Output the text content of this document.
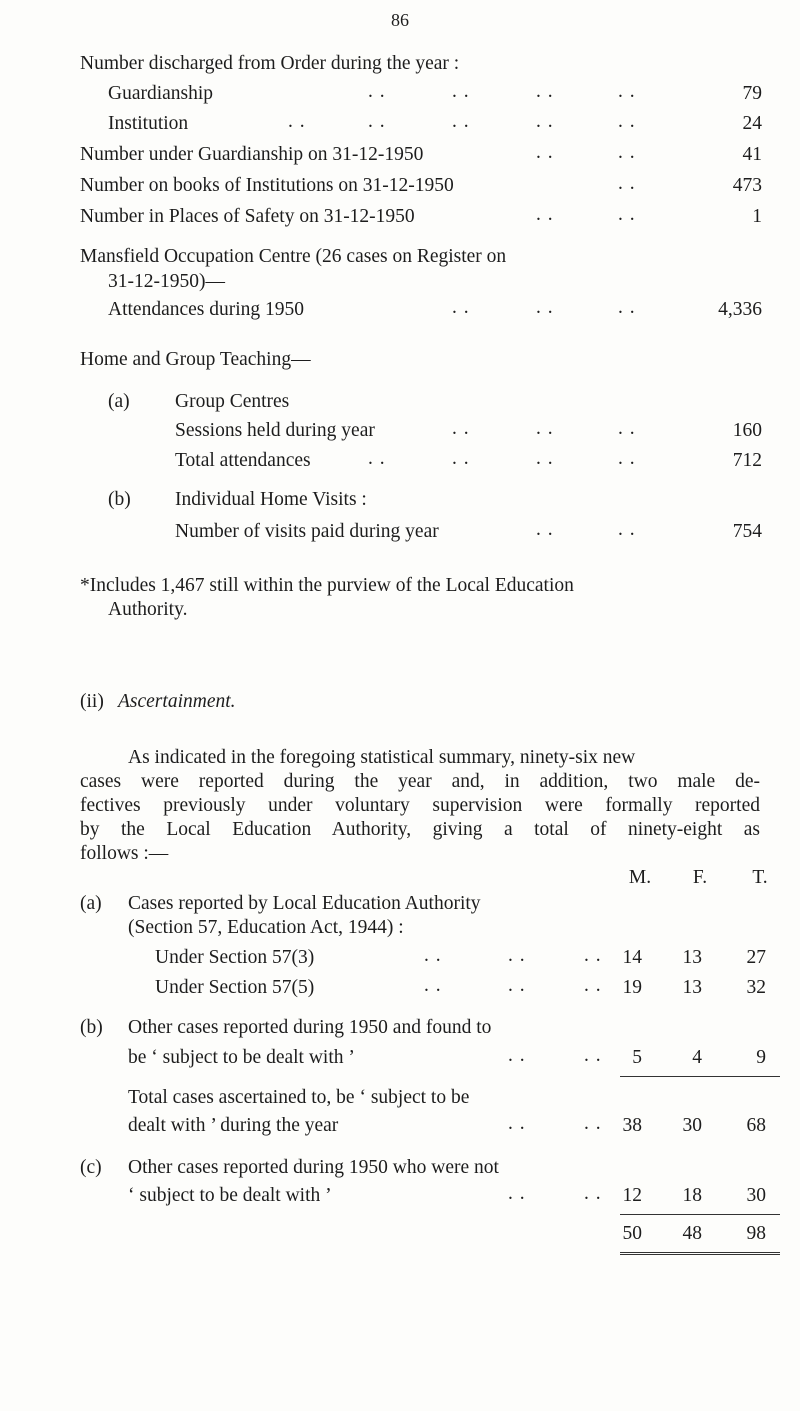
86
Number discharged from Order during the year :
Guardianship	. .	. .	. .	. .	79
Institution	. .	. .	. .	. .	. .	24
Number under Guardianship on 31-12-1950	. .	. .	41
Number on books of Institutions on 31-12-1950	. .	473
Number in Places of Safety on 31-12-1950	. .	. .	1
Mansfield Occupation Centre (26 cases on Register on
31-12-1950)—
Attendances during 1950	. .	. .	. .	4,336
Home and Group Teaching—
(a) Group Centres
Sessions held during year	. .	. .	. .	160
Total attendances	. .	. .	. .	. .	712
(b) Individual Home Visits :
Number of visits paid during year	. .	. .	754
*Includes 1,467 still within the purview of the Local Education
Authority.
(ii) Ascertainment.
As indicated in the foregoing statistical summary, ninety-six new
cases were reported during the year and, in addition, two male de-
fectives previously under voluntary supervision were formally reported
by the Local Education Authority, giving a total of ninety-eight as
follows :—
M.	F.	T.
(a) Cases reported by Local Education Authority
(Section 57, Education Act, 1944) :
Under Section 57(3)	. .	. .	. .	14	13	27
Under Section 57(5)	. .	. .	. .	19	13	32
(b) Other cases reported during 1950 and found to
be ‘ subject to be dealt with ’	. .	. .	5	4	9
Total cases ascertained to, be ‘ subject to be
dealt with ’ during the year	. .	. .	38	30	68
(c) Other cases reported during 1950 who were not
‘ subject to be dealt with ’	. .	. .	12	18	30
50	48	98
